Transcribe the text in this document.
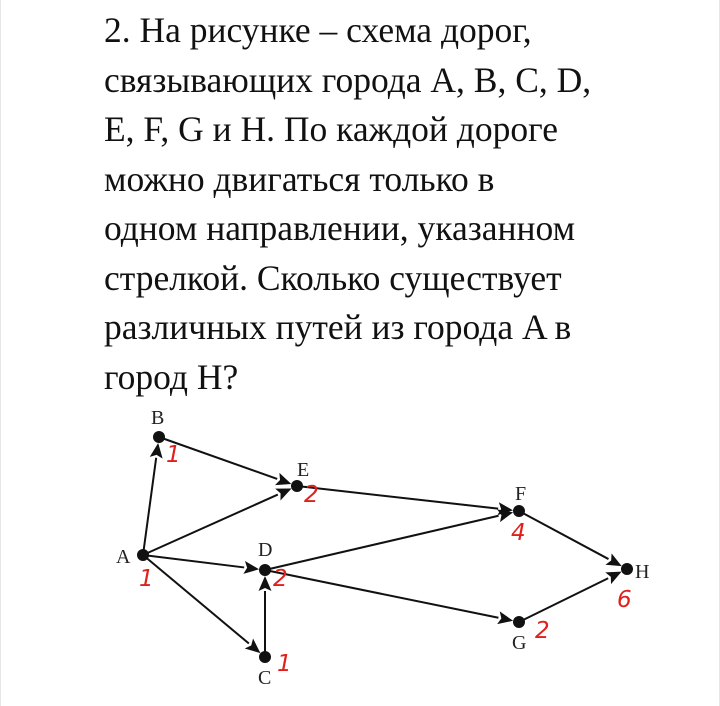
2. На рисунке – схема дорог,
связывающих города A, B, C, D,
E, F, G и H. По каждой дороге
можно двигаться только в
одном направлении, указанном
стрелкой. Сколько существует
различных путей из города A в
город H?
B
E
F
A	D
H
G
C
1
2
4
1	2
6
2
1
